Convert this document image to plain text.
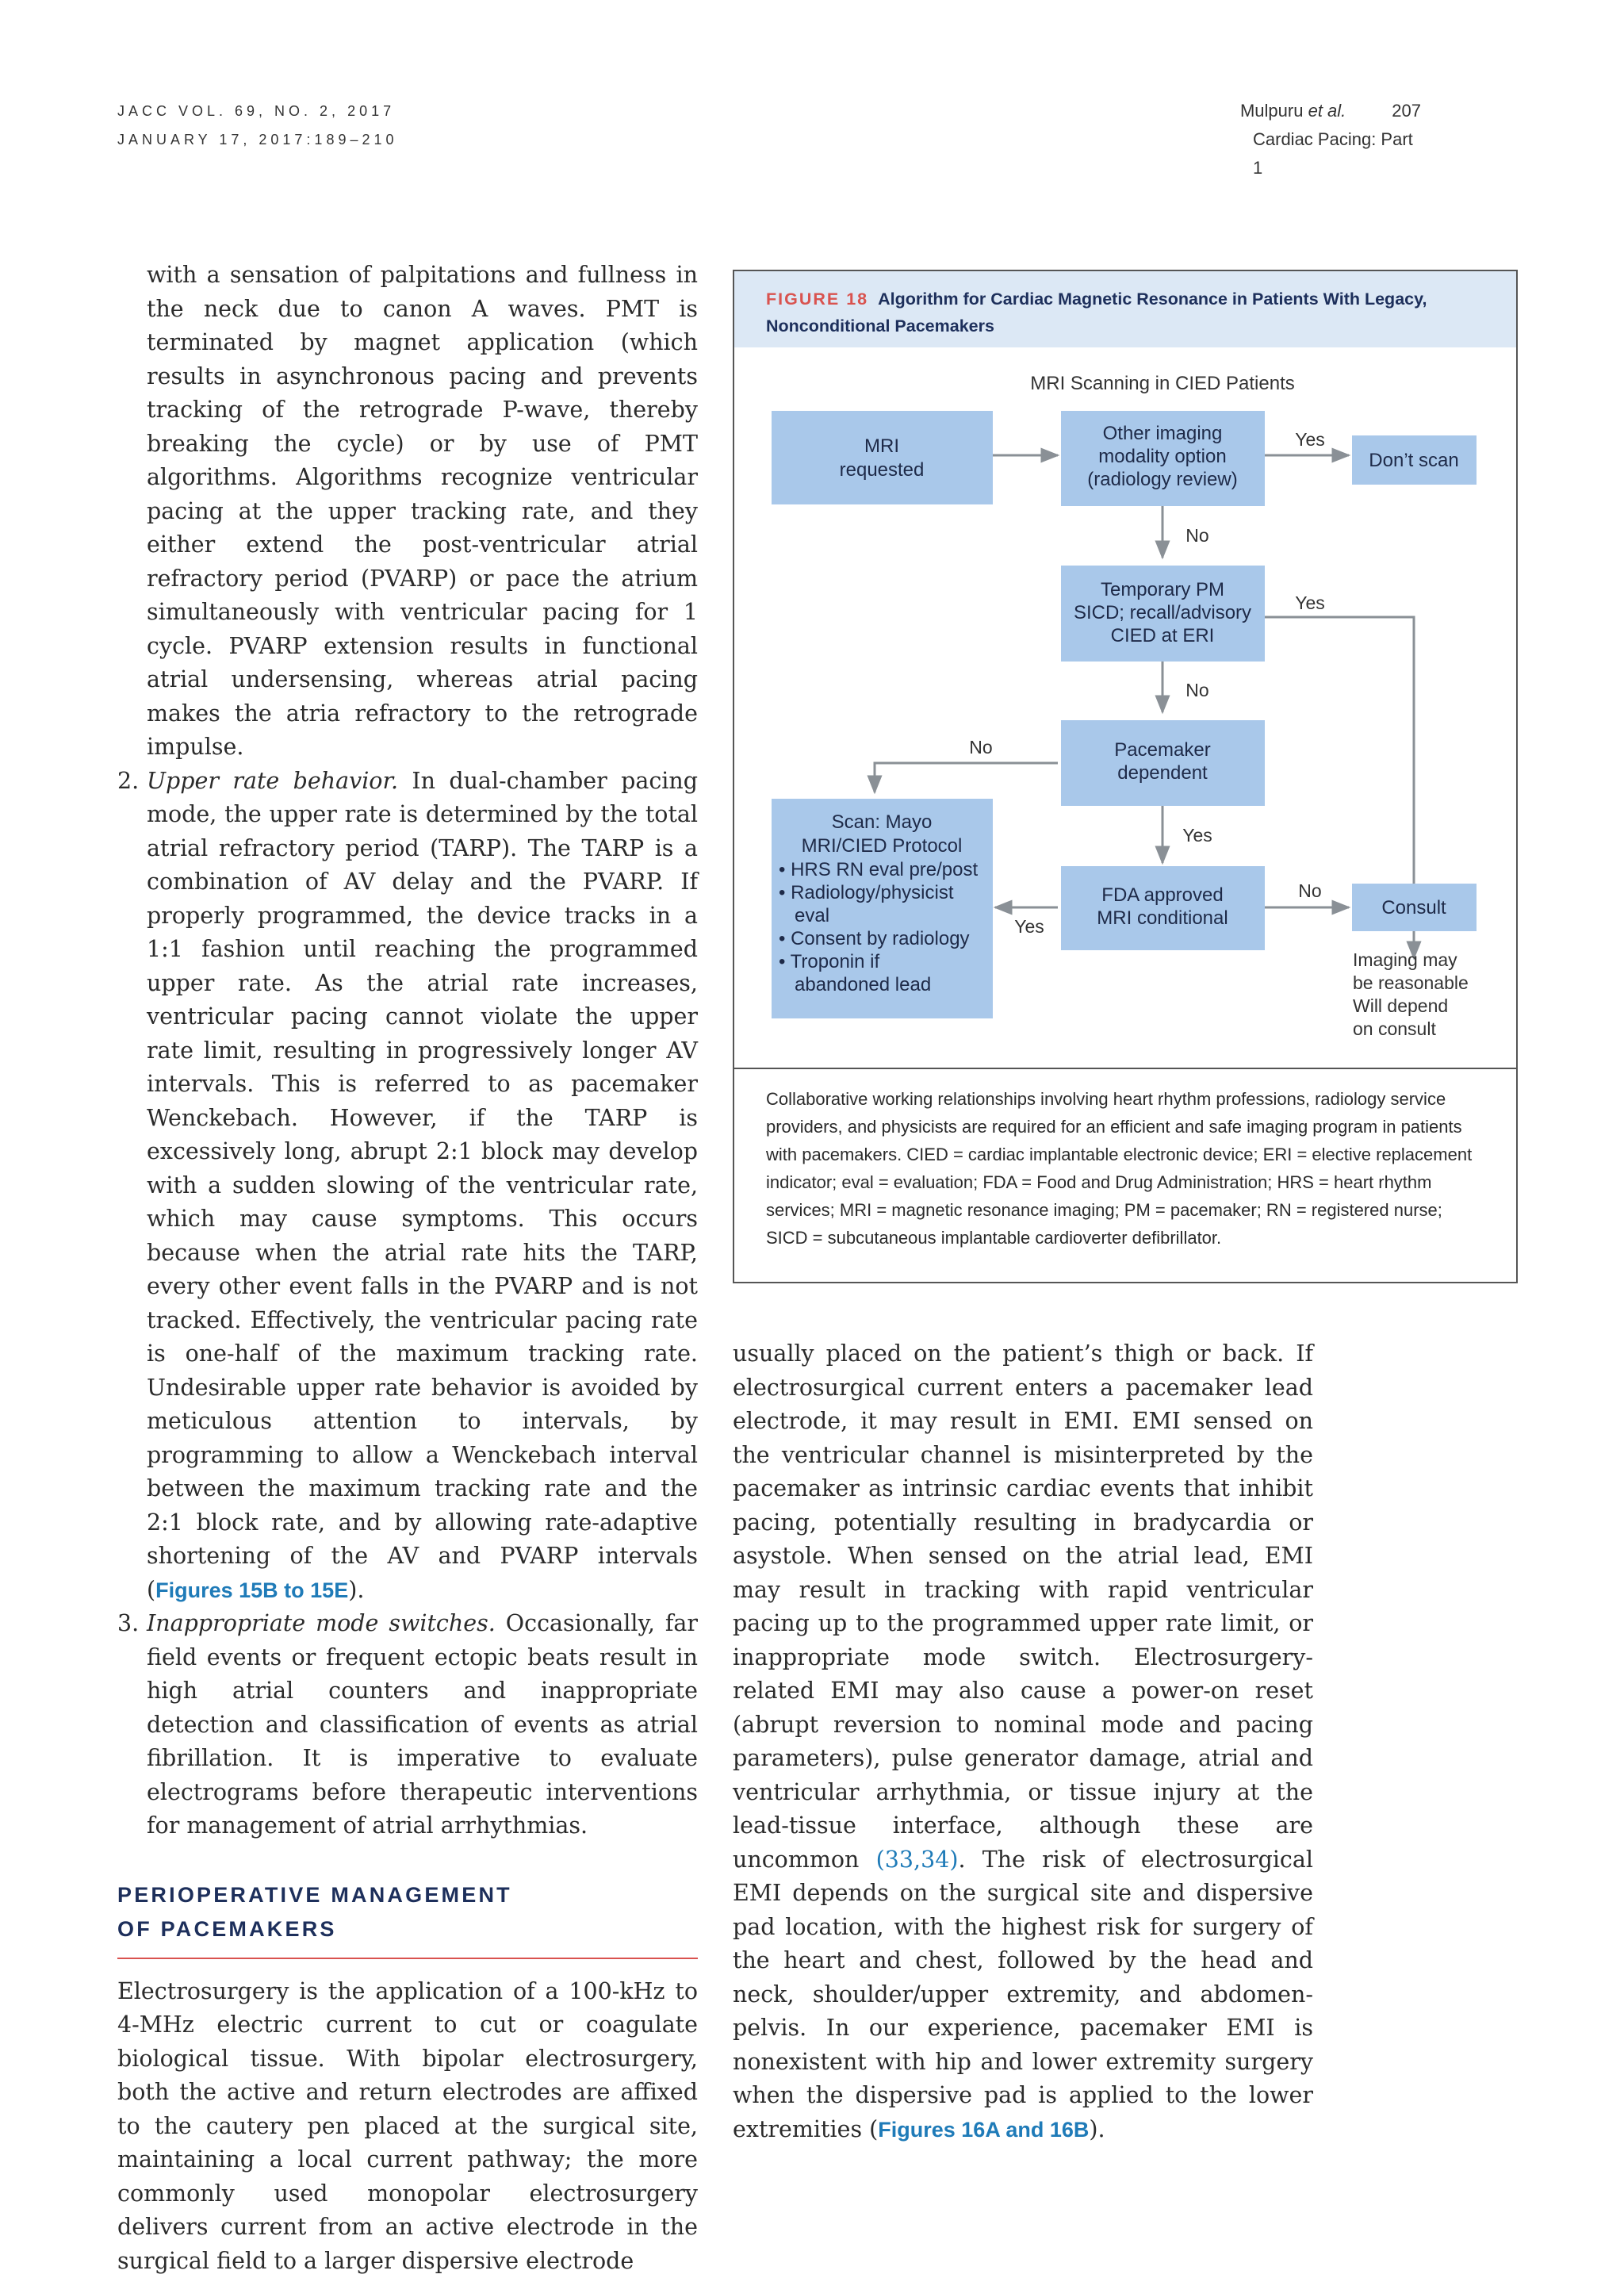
JACC VOL. 69, NO. 2, 2017
JANUARY 17, 2017:189–210
Mulpuru et al.	207
Cardiac Pacing: Part 1

with a sensation of palpitations and fullness in the neck due to canon A waves. PMT is terminated by magnet application (which results in asynchronous pacing and prevents tracking of the retrograde P-wave, thereby breaking the cycle) or by use of PMT algorithms. Algorithms recognize ventricular pacing at the upper tracking rate, and they either extend the post-ventricular atrial refractory period (PVARP) or pace the atrium simultaneously with ventricular pacing for 1 cycle. PVARP extension results in functional atrial undersensing, whereas atrial pacing makes the atria refractory to the retrograde impulse.

2. Upper rate behavior. In dual-chamber pacing mode, the upper rate is determined by the total atrial refractory period (TARP). The TARP is a combination of AV delay and the PVARP. If properly programmed, the device tracks in a 1:1 fashion until reaching the programmed upper rate. As the atrial rate increases, ventricular pacing cannot violate the upper rate limit, resulting in progressively longer AV intervals. This is referred to as pacemaker Wenckebach. However, if the TARP is excessively long, abrupt 2:1 block may develop with a sudden slowing of the ventricular rate, which may cause symptoms. This occurs because when the atrial rate hits the TARP, every other event falls in the PVARP and is not tracked. Effectively, the ventricular pacing rate is one-half of the maximum tracking rate. Undesirable upper rate behavior is avoided by meticulous attention to intervals, by programming to allow a Wenckebach interval between the maximum tracking rate and the 2:1 block rate, and by allowing rate-adaptive shortening of the AV and PVARP intervals (Figures 15B to 15E).
3. Inappropriate mode switches. Occasionally, far field events or frequent ectopic beats result in high atrial counters and inappropriate detection and classification of events as atrial fibrillation. It is imperative to evaluate electrograms before therapeutic interventions for management of atrial arrhythmias.
PERIOPERATIVE MANAGEMENT
OF PACEMAKERS

Electrosurgery is the application of a 100-kHz to 4-MHz electric current to cut or coagulate biological tissue. With bipolar electrosurgery, both the active and return electrodes are affixed to the cautery pen placed at the surgical site, maintaining a local current pathway; the more commonly used monopolar electrosurgery delivers current from an active electrode in the surgical field to a larger dispersive electrode

FIGURE 18 Algorithm for Cardiac Magnetic Resonance in Patients With Legacy, Nonconditional Pacemakers
MRI Scanning in CIED Patients
MRI
requested
Other imaging
modality option
(radiology review)
Don’t scan
Temporary PM
SICD; recall/advisory
CIED at ERI
Pacemaker
dependent
FDA approved
MRI conditional	Consult
Scan: Mayo
MRI/CIED Protocol
• HRS RN eval pre/post
• Radiology/physicist
eval
• Consent by radiology
• Troponin if
abandoned lead
Imaging may
be reasonable
Will depend
on consult
Yes
No
Yes
No
No
Yes
No
Yes
Collaborative working relationships involving heart rhythm professions, radiology service providers, and physicists are required for an efficient and safe imaging program in patients with pacemakers. CIED = cardiac implantable electronic device; ERI = elective replacement indicator; eval = evaluation; FDA = Food and Drug Administration; HRS = heart rhythm services; MRI = magnetic resonance imaging; PM = pacemaker; RN = registered nurse; SICD = subcutaneous implantable cardioverter defibrillator.

usually placed on the patient’s thigh or back. If electrosurgical current enters a pacemaker lead electrode, it may result in EMI. EMI sensed on the ventricular channel is misinterpreted by the pacemaker as intrinsic cardiac events that inhibit pacing, potentially resulting in bradycardia or asystole. When sensed on the atrial lead, EMI may result in tracking with rapid ventricular pacing up to the programmed upper rate limit, or inappropriate mode switch. Electrosurgery-related EMI may also cause a power-on reset (abrupt reversion to nominal mode and pacing parameters), pulse generator damage, atrial and ventricular arrhythmia, or tissue injury at the lead-tissue interface, although these are uncommon (33,34). The risk of electrosurgical EMI depends on the surgical site and dispersive pad location, with the highest risk for surgery of the heart and chest, followed by the head and neck, shoulder/upper extremity, and abdomen-pelvis. In our experience, pacemaker EMI is nonexistent with hip and lower extremity surgery when the dispersive pad is applied to the lower extremities (Figures 16A and 16B).
